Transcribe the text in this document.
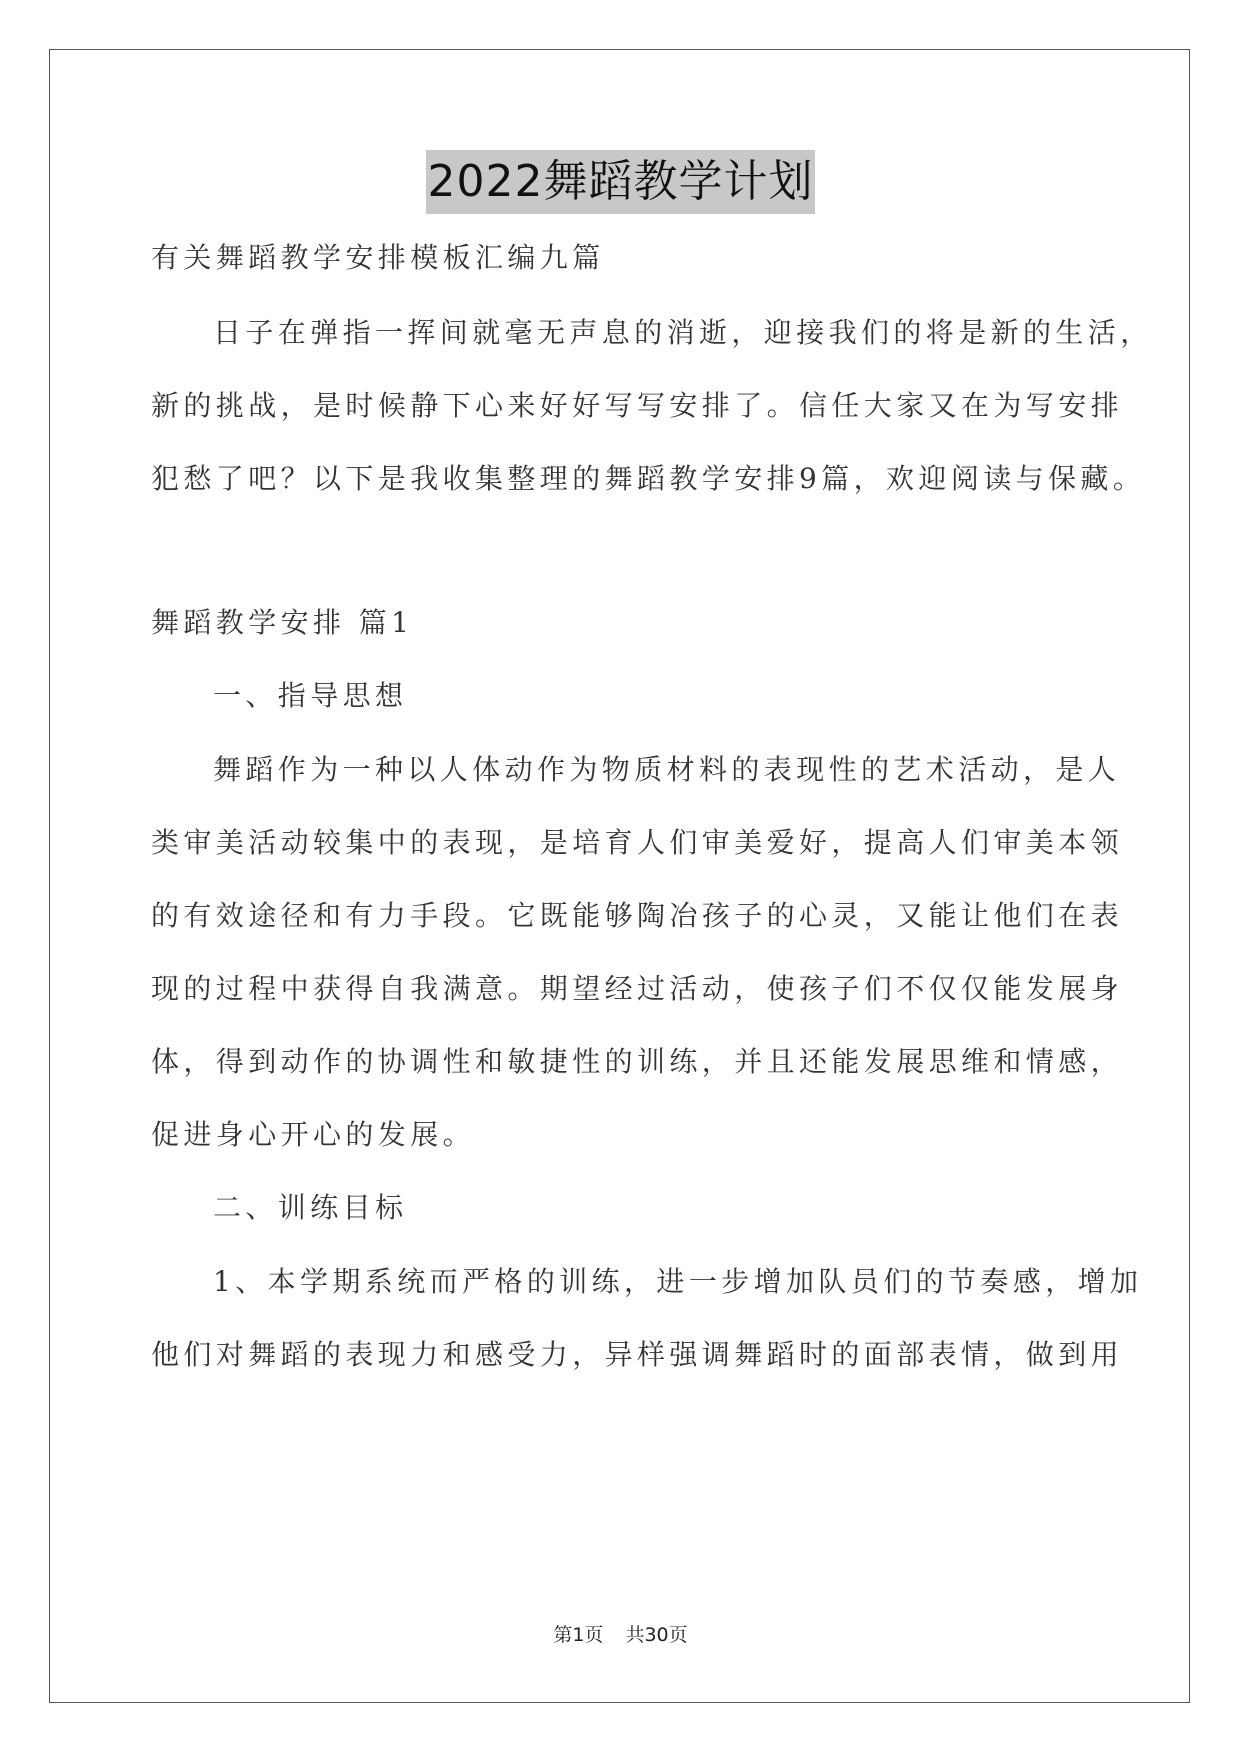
2022舞蹈教学计划
有关舞蹈教学安排模板汇编九篇
日子在弹指一挥间就毫无声息的消逝，迎接我们的将是新的生活，
新的挑战，是时候静下心来好好写写安排了。信任大家又在为写安排
犯愁了吧？以下是我收集整理的舞蹈教学安排9篇，欢迎阅读与保藏。
舞蹈教学安排 篇1
一、指导思想
舞蹈作为一种以人体动作为物质材料的表现性的艺术活动，是人
类审美活动较集中的表现，是培育人们审美爱好，提高人们审美本领
的有效途径和有力手段。它既能够陶冶孩子的心灵，又能让他们在表
现的过程中获得自我满意。期望经过活动，使孩子们不仅仅能发展身
体，得到动作的协调性和敏捷性的训练，并且还能发展思维和情感，
促进身心开心的发展。
二、训练目标
1、本学期系统而严格的训练，进一步增加队员们的节奏感，增加
他们对舞蹈的表现力和感受力，异样强调舞蹈时的面部表情，做到用
第1页 共30页
